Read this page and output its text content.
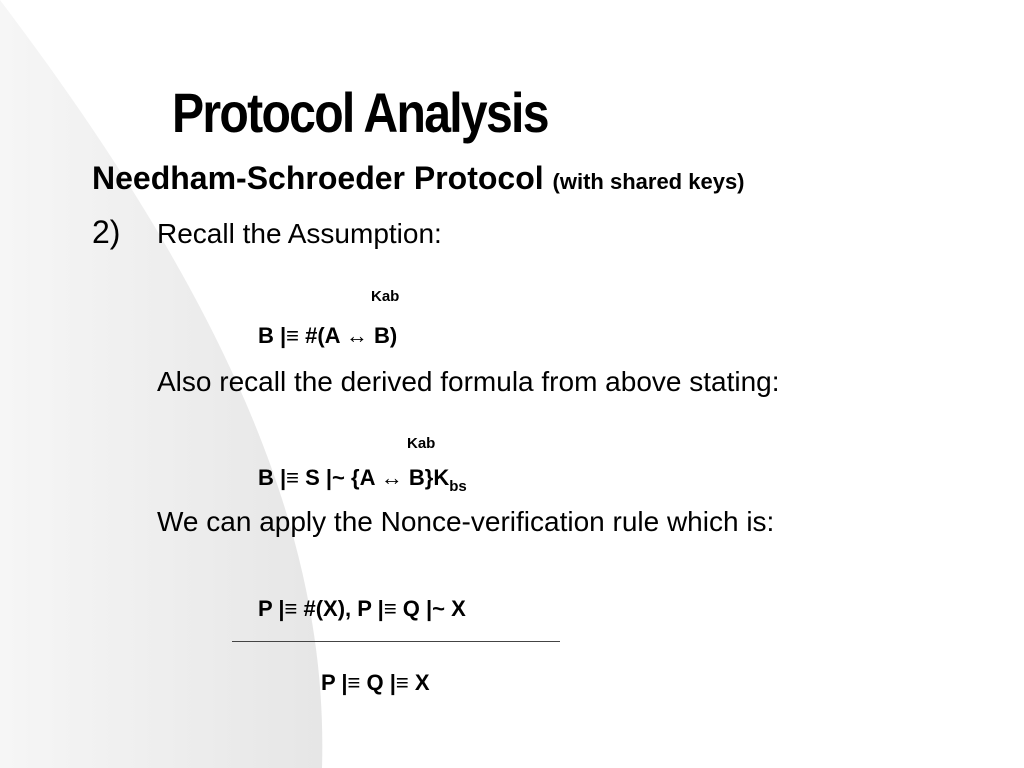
Protocol Analysis
Needham-Schroeder Protocol (with shared keys)
2) Recall the Assumption:
Kab
B |≡ #(A ↔ B)
Also recall the derived formula from above stating:
Kab
B |≡ S |~ {A ↔ $B\}K_{bs}$
We can apply the Nonce-verification rule which is:
P |≡ #(X), P |≡ Q |~ X
P |≡ Q |≡ X
